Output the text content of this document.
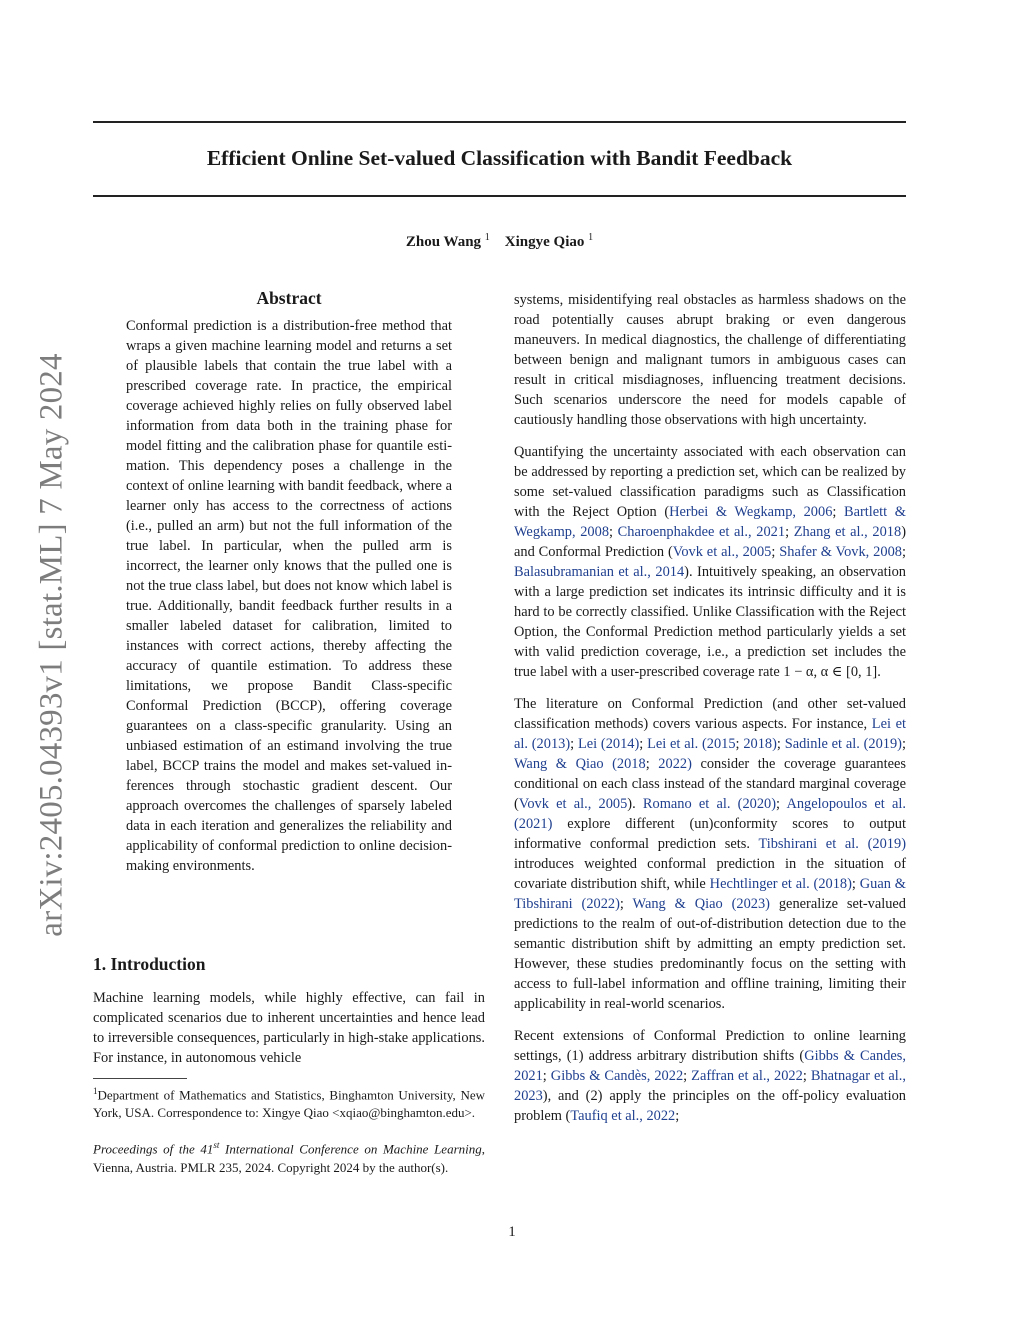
arXiv:2405.04393v1 [stat.ML] 7 May 2024
Efficient Online Set-valued Classification with Bandit Feedback
Zhou Wang $^1$ Xingye Qiao $^1$
Abstract

Conformal prediction is a distribution-free method that wraps a given machine learning model and returns a set of plausible labels that contain the true label with a prescribed coverage rate. In practice, the empirical coverage achieved highly relies on fully observed label information from data both in the training phase for model fitting and the calibration phase for quantile estimation. This dependency poses a challenge in the context of online learning with bandit feedback, where a learner only has access to the correctness of actions (i.e., pulled an arm) but not the full information of the true label. In particular, when the pulled arm is incorrect, the learner only knows that the pulled one is not the true class label, but does not know which label is true. Additionally, bandit feedback further results in a smaller labeled dataset for calibration, limited to instances with correct actions, thereby affecting the accuracy of quantile estimation. To address these limitations, we propose Bandit Class-specific Conformal Prediction (BCCP), offering coverage guarantees on a class-specific granularity. Using an unbiased estimation of an estimand involving the true label, BCCP trains the model and makes set-valued inferences through stochastic gradient descent. Our approach overcomes the challenges of sparsely labeled data in each iteration and generalizes the reliability and applicability of conformal prediction to online decision-making environments.

1. Introduction

Machine learning models, while highly effective, can fail in complicated scenarios due to inherent uncertainties and hence lead to irreversible consequences, particularly in high-stake applications. For instance, in autonomous vehicle

$^1$Department of Mathematics and Statistics, Binghamton University, New York, USA. Correspondence to: Xingye Qiao <xqiao@binghamton.edu>.

Proceedings of the 41st International Conference on Machine Learning, Vienna, Austria. PMLR 235, 2024. Copyright 2024 by the author(s).

systems, misidentifying real obstacles as harmless shadows on the road potentially causes abrupt braking or even dangerous maneuvers. In medical diagnostics, the challenge of differentiating between benign and malignant tumors in ambiguous cases can result in critical misdiagnoses, influencing treatment decisions. Such scenarios underscore the need for models capable of cautiously handling those observations with high uncertainty.

Quantifying the uncertainty associated with each observation can be addressed by reporting a prediction set, which can be realized by some set-valued classification paradigms such as Classification with the Reject Option (Herbei & Wegkamp, 2006; Bartlett & Wegkamp, 2008; Charoenphakdee et al., 2021; Zhang et al., 2018) and Conformal Prediction (Vovk et al., 2005; Shafer & Vovk, 2008; Balasubramanian et al., 2014). Intuitively speaking, an observation with a large prediction set indicates its intrinsic difficulty and it is hard to be correctly classified. Unlike Classification with the Reject Option, the Conformal Prediction method particularly yields a set with valid prediction coverage, i.e., a prediction set includes the true label with a user-prescribed coverage rate 1 − α, α ∈ [0, 1].

The literature on Conformal Prediction (and other set-valued classification methods) covers various aspects. For instance, Lei et al. (2013); Lei (2014); Lei et al. (2015; 2018); Sadinle et al. (2019); Wang & Qiao (2018; 2022) consider the coverage guarantees conditional on each class instead of the standard marginal coverage (Vovk et al., 2005). Romano et al. (2020); Angelopoulos et al. (2021) explore different (un)conformity scores to output informative conformal prediction sets. Tibshirani et al. (2019) introduces weighted conformal prediction in the situation of covariate distribution shift, while Hechtlinger et al. (2018); Guan & Tibshirani (2022); Wang & Qiao (2023) generalize set-valued predictions to the realm of out-of-distribution detection due to the semantic distribution shift by admitting an empty prediction set. However, these studies predominantly focus on the setting with access to full-label information and offline training, limiting their applicability in real-world scenarios.

Recent extensions of Conformal Prediction to online learning settings, (1) address arbitrary distribution shifts (Gibbs & Candes, 2021; Gibbs & Candès, 2022; Zaffran et al., 2022; Bhatnagar et al., 2023), and (2) apply the principles on the off-policy evaluation problem (Taufiq et al., 2022;

1
